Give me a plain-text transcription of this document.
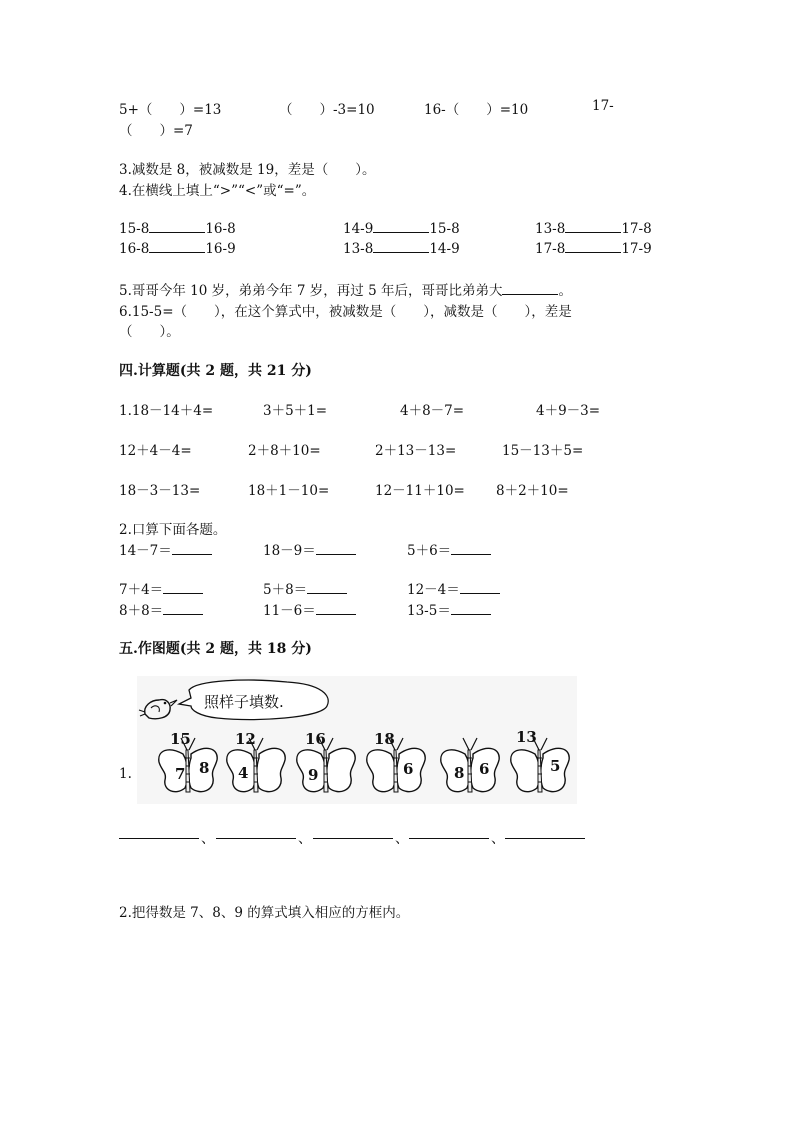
5+（　　）=13	（　　）-3=10	16-（　　）=10	17-
（　　）=7
3.减数是 8，被减数是 19，差是（　　）。
4.在横线上填上“>”“<”或“=”。
15-8	16-8	14-9	15-8	13-8	17-8
16-8	16-9	13-8	14-9	17-8	17-9
5.哥哥今年 10 岁，弟弟今年 7 岁，再过 5 年后，哥哥比弟弟大	。
6.15-5=（　　），在这个算式中，被减数是（　　），减数是（　　），差是
（　　）。
四.计算题(共 2 题，共 21 分)
1.18－14＋4=	3＋5＋1=	4＋8－7=	4＋9－3=
12＋4－4=	2＋8＋10=	2＋13－13=	15－13＋5=
18－3－13=	18＋1－10=	12－11＋10= 8＋2＋10=
2.口算下面各题。
14－7＝	18－9＝	5＋6＝
7＋4＝	5＋8＝	12－4＝
8＋8＝	11－6＝	13-5＝
五.作图题(共 2 题，共 18 分)
照样子填数.
1.
15
7 8
12
4
16
9
18
6	8 6
13
5
、	、	、	、
2.把得数是 7、8、9 的算式填入相应的方框内。
